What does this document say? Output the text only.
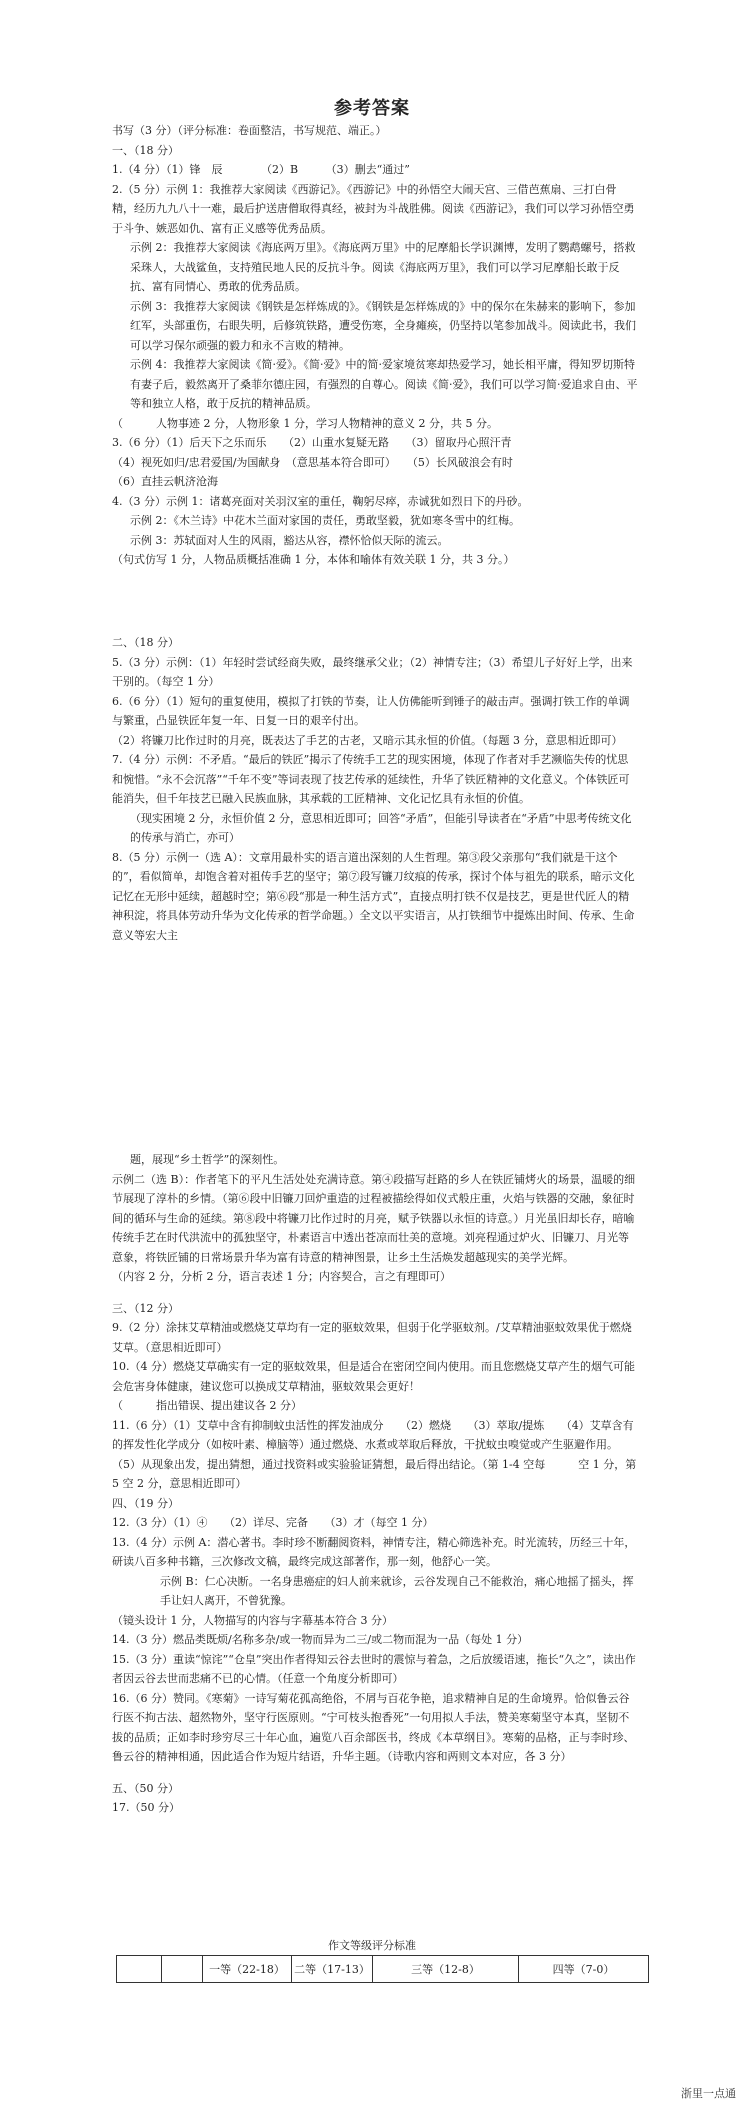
参考答案

书写（3 分）（评分标准：卷面整洁，书写规范、端正。）

一、（18 分）

1.（4 分）（1）锋　辰　　　　（2）B　　　（3）删去“通过”

2.（5 分）示例 1：我推荐大家阅读《西游记》。《西游记》中的孙悟空大闹天宫、三借芭蕉扇、三打白骨精，经历九九八十一难，最后护送唐僧取得真经，被封为斗战胜佛。阅读《西游记》，我们可以学习孙悟空勇于斗争、嫉恶如仇、富有正义感等优秀品质。

示例 2：我推荐大家阅读《海底两万里》。《海底两万里》中的尼摩船长学识渊博，发明了鹦鹉螺号，搭救采珠人，大战鲨鱼，支持殖民地人民的反抗斗争。阅读《海底两万里》，我们可以学习尼摩船长敢于反抗、富有同情心、勇敢的优秀品质。

示例 3：我推荐大家阅读《钢铁是怎样炼成的》。《钢铁是怎样炼成的》中的保尔在朱赫来的影响下，参加红军，头部重伤，右眼失明，后修筑铁路，遭受伤寒，全身瘫痪，仍坚持以笔参加战斗。阅读此书，我们可以学习保尔顽强的毅力和永不言败的精神。

示例 4：我推荐大家阅读《简·爱》。《简·爱》中的简·爱家境贫寒却热爱学习，她长相平庸，得知罗切斯特有妻子后，毅然离开了桑菲尔德庄园，有强烈的自尊心。阅读《简·爱》，我们可以学习简·爱追求自由、平等和独立人格，敢于反抗的精神品质。

（　　　人物事迹 2 分，人物形象 1 分，学习人物精神的意义 2 分，共 5 分。

3.（6 分）（1）后天下之乐而乐　　（2）山重水复疑无路　　（3）留取丹心照汗青

（4）视死如归/忠君爱国/为国献身　（意思基本符合即可）　　（5）长风破浪会有时

（6）直挂云帆济沧海

4.（3 分）示例 1：诸葛亮面对关羽汉室的重任，鞠躬尽瘁，赤诚犹如烈日下的丹砂。

示例 2：《木兰诗》中花木兰面对家国的责任，勇敢坚毅，犹如寒冬雪中的红梅。

示例 3：苏轼面对人生的风雨，豁达从容，襟怀恰似天际的流云。

（句式仿写 1 分，人物品质概括准确 1 分，本体和喻体有效关联 1 分，共 3 分。）

二、（18 分）

5.（3 分）示例：（1）年轻时尝试经商失败，最终继承父业；（2）神情专注；（3）希望儿子好好上学，出来干别的。（每空 1 分）

6.（6 分）（1）短句的重复使用，模拟了打铁的节奏，让人仿佛能听到锤子的敲击声。强调打铁工作的单调与繁重，凸显铁匠年复一年、日复一日的艰辛付出。

（2）将镰刀比作过时的月亮，既表达了手艺的古老，又暗示其永恒的价值。（每题 3 分，意思相近即可）

7.（4 分）示例：不矛盾。“最后的铁匠”揭示了传统手工艺的现实困境，体现了作者对手艺濒临失传的忧思和惋惜。“永不会沉落”“千年不变”等词表现了技艺传承的延续性，升华了铁匠精神的文化意义。个体铁匠可能消失，但千年技艺已融入民族血脉，其承载的工匠精神、文化记忆具有永恒的价值。

（现实困境 2 分，永恒价值 2 分，意思相近即可；回答“矛盾”，但能引导读者在“矛盾”中思考传统文化的传承与消亡，亦可）

8.（5 分）示例一（选 A）：文章用最朴实的语言道出深刻的人生哲理。第③段父亲那句“我们就是干这个的”，看似简单，却饱含着对祖传手艺的坚守；第⑦段写镰刀纹痕的传承，探讨个体与祖先的联系，暗示文化记忆在无形中延续，超越时空；第⑥段“那是一种生活方式”，直接点明打铁不仅是技艺，更是世代匠人的精神积淀，将具体劳动升华为文化传承的哲学命题。）全文以平实语言，从打铁细节中提炼出时间、传承、生命意义等宏大主

题，展现“乡土哲学”的深刻性。

示例二（选 B）：作者笔下的平凡生活处处充满诗意。第④段描写赶路的乡人在铁匠铺烤火的场景，温暖的细节展现了淳朴的乡情。（第⑥段中旧镰刀回炉重造的过程被描绘得如仪式般庄重，火焰与铁器的交融，象征时间的循环与生命的延续。第⑧段中将镰刀比作过时的月亮，赋予铁器以永恒的诗意。）月光虽旧却长存，暗喻传统手艺在时代洪流中的孤独坚守，朴素语言中透出苍凉而壮美的意境。刘亮程通过炉火、旧镰刀、月光等意象，将铁匠铺的日常场景升华为富有诗意的精神图景，让乡土生活焕发超越现实的美学光辉。

（内容 2 分，分析 2 分，语言表述 1 分；内容契合，言之有理即可）

三、（12 分）

9.（2 分）涂抹艾草精油或燃烧艾草均有一定的驱蚊效果，但弱于化学驱蚊剂。/艾草精油驱蚊效果优于燃烧艾草。（意思相近即可）

10.（4 分）燃烧艾草确实有一定的驱蚊效果，但是适合在密闭空间内使用。而且您燃烧艾草产生的烟气可能会危害身体健康，建议您可以换成艾草精油，驱蚊效果会更好！

（　　　指出错误、提出建议各 2 分）

11.（6 分）（1）艾草中含有抑制蚊虫活性的挥发油成分　　（2）燃烧　　（3）萃取/提炼　　（4）艾草含有的挥发性化学成分（如桉叶素、樟脑等）通过燃烧、水煮或萃取后释放，干扰蚊虫嗅觉或产生驱避作用。　（5）从现象出发，提出猜想，通过找资料或实验验证猜想，最后得出结论。（第 1-4 空每　　　空 1 分，第 5 空 2 分，意思相近即可）

四、（19 分）

12.（3 分）（1）④　　（2）详尽、完备　　（3）才（每空 1 分）

13.（4 分）示例 A：潜心著书。李时珍不断翻阅资料，神情专注，精心筛选补充。时光流转，历经三十年，研读八百多种书籍，三次修改文稿，最终完成这部著作，那一刻，他舒心一笑。

示例 B：仁心决断。一名身患癌症的妇人前来就诊，云谷发现自己不能救治，痛心地摇了摇头，挥手让妇人离开，不曾犹豫。

（镜头设计 1 分，人物描写的内容与字幕基本符合 3 分）

14.（3 分）燃品类既烦/名称多杂/或一物而异为二三/或二物而混为一品（每处 1 分）

15.（3 分）重读“惊诧”“仓皇”突出作者得知云谷去世时的震惊与着急，之后放缓语速，拖长“久之”，读出作者因云谷去世而悲痛不已的心情。（任意一个角度分析即可）

16.（6 分）赞同。《寒菊》一诗写菊花孤高绝俗，不屑与百花争艳，追求精神自足的生命境界。恰似鲁云谷行医不拘古法、超然物外，坚守行医原则。“宁可枝头抱香死”一句用拟人手法，赞美寒菊坚守本真，坚韧不拔的品质；正如李时珍穷尽三十年心血，遍览八百余部医书，终成《本草纲目》。寒菊的品格，正与李时珍、鲁云谷的精神相通，因此适合作为短片结语，升华主题。（诗歌内容和两则文本对应，各 3 分）

五、（50 分）

17.（50 分）

作文等级评分标准
		一等（22-18）	二等（17-13）	三等（12-8）	四等（7-0）
浙里一点通
